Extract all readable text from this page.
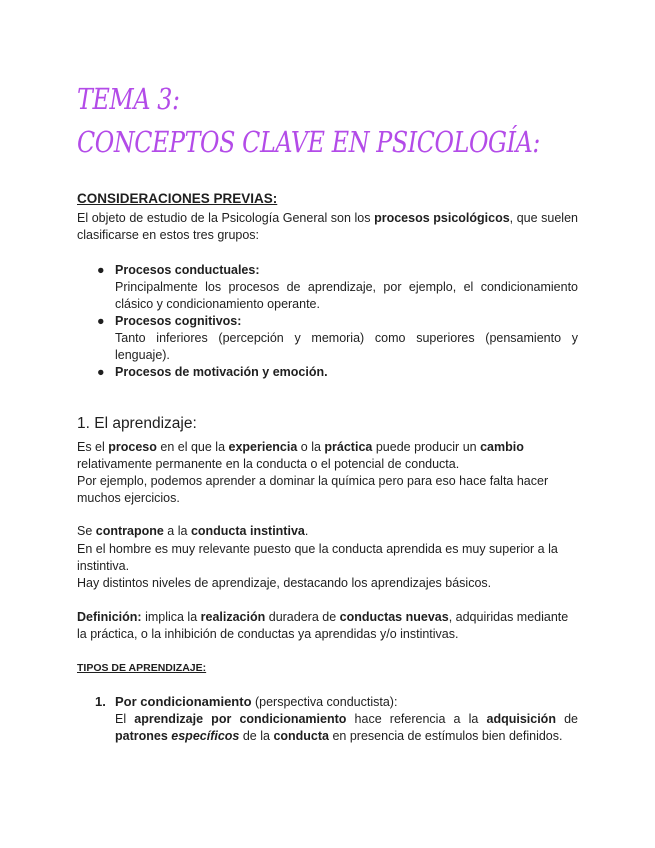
TEMA 3:
CONCEPTOS CLAVE EN PSICOLOGÍA:

CONSIDERACIONES PREVIAS:

El objeto de estudio de la Psicología General son los procesos psicológicos, que suelen clasificarse en estos tres grupos:

● Procesos conductuales:
Principalmente los procesos de aprendizaje, por ejemplo, el condicionamiento clásico y condicionamiento operante.
● Procesos cognitivos:
Tanto inferiores (percepción y memoria) como superiores (pensamiento y lenguaje).
● Procesos de motivación y emoción.

1. El aprendizaje:

Es el proceso en el que la experiencia o la práctica puede producir un cambio relativamente permanente en la conducta o el potencial de conducta.

Por ejemplo, podemos aprender a dominar la química pero para eso hace falta hacer muchos ejercicios.

Se contrapone a la conducta instintiva.

En el hombre es muy relevante puesto que la conducta aprendida es muy superior a la instintiva.

Hay distintos niveles de aprendizaje, destacando los aprendizajes básicos.

Definición: implica la realización duradera de conductas nuevas, adquiridas mediante la práctica, o la inhibición de conductas ya aprendidas y/o instintivas.

TIPOS DE APRENDIZAJE:

1. Por condicionamiento (perspectiva conductista):
El aprendizaje por condicionamiento hace referencia a la adquisición de patrones específicos de la conducta en presencia de estímulos bien definidos.
